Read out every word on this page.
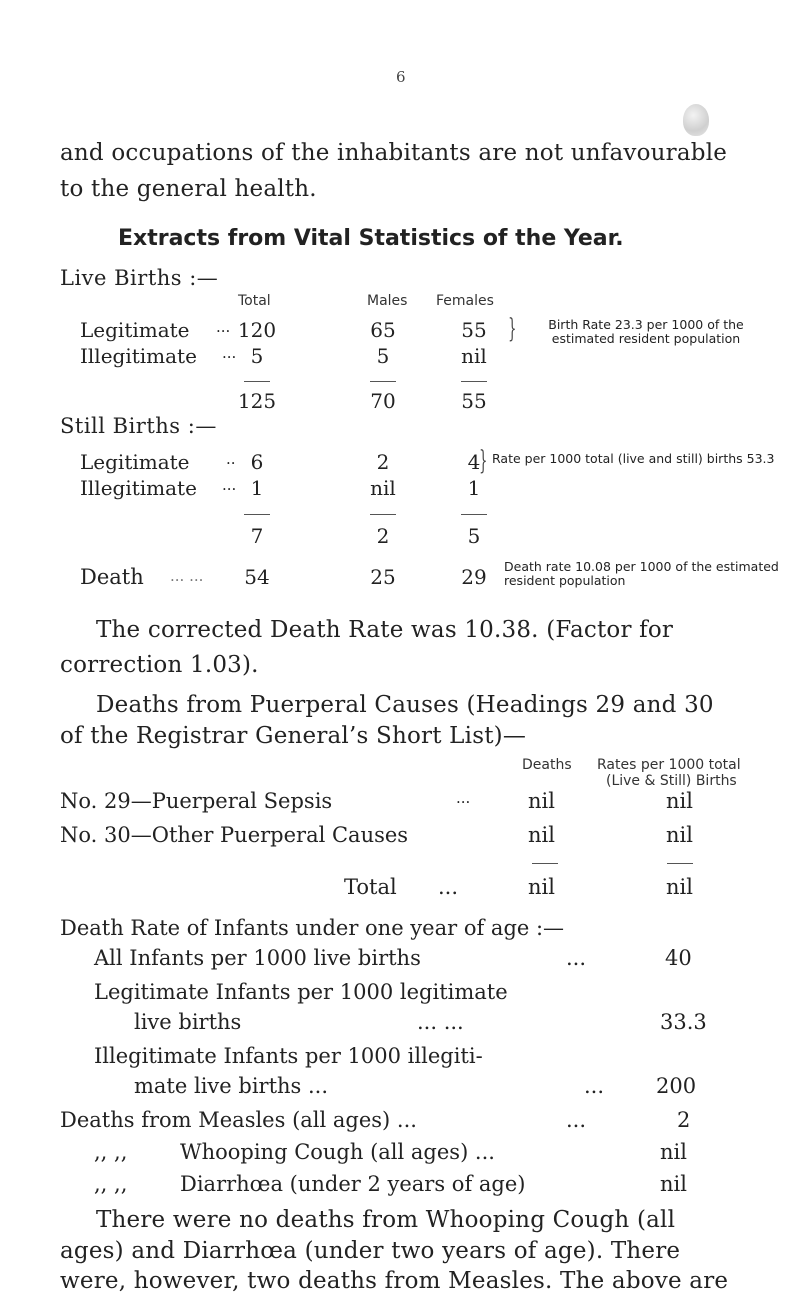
6
and occupations of the inhabitants are not unfavourable
to the general health.
Extracts from Vital Statistics of the Year.
Live Births :—
Total	Males Females
Legitimate ... 120	65	55
Illegitimate ... 5	5	nil
}	Birth Rate 23.3 per 1000 of the estimated resident population
125	70	55
Still Births :—
Legitimate .. 6	2	4
Illegitimate ... 1	nil	1
} Rate per 1000 total (live and still) births 53.3
7	2	5
Death ... ...	54	25	29	Death rate 10.08 per 1000 of the estimated resident population
The corrected Death Rate was 10.38. (Factor for
correction 1.03).
Deaths from Puerperal Causes (Headings 29 and 30
of the Registrar General’s Short List)—
Deaths Rates per 1000 total
(Live & Still) Births
No. 29—Puerperal Sepsis	...	nil	nil
No. 30—Other Puerperal Causes	nil	nil
Total ...	nil	nil
Death Rate of Infants under one year of age :—
All Infants per 1000 live births	...	40
Legitimate Infants per 1000 legitimate
live births	... ...	33.3
Illegitimate Infants per 1000 illegiti-
mate live births ...	... 200
Deaths from Measles (all ages) ...	...	2
,, ,,	Whooping Cough (all ages) ...	nil
,, ,,	Diarrhœa (under 2 years of age)	nil
There were no deaths from Whooping Cough (all
ages) and Diarrhœa (under two years of age). There
were, however, two deaths from Measles. The above are
